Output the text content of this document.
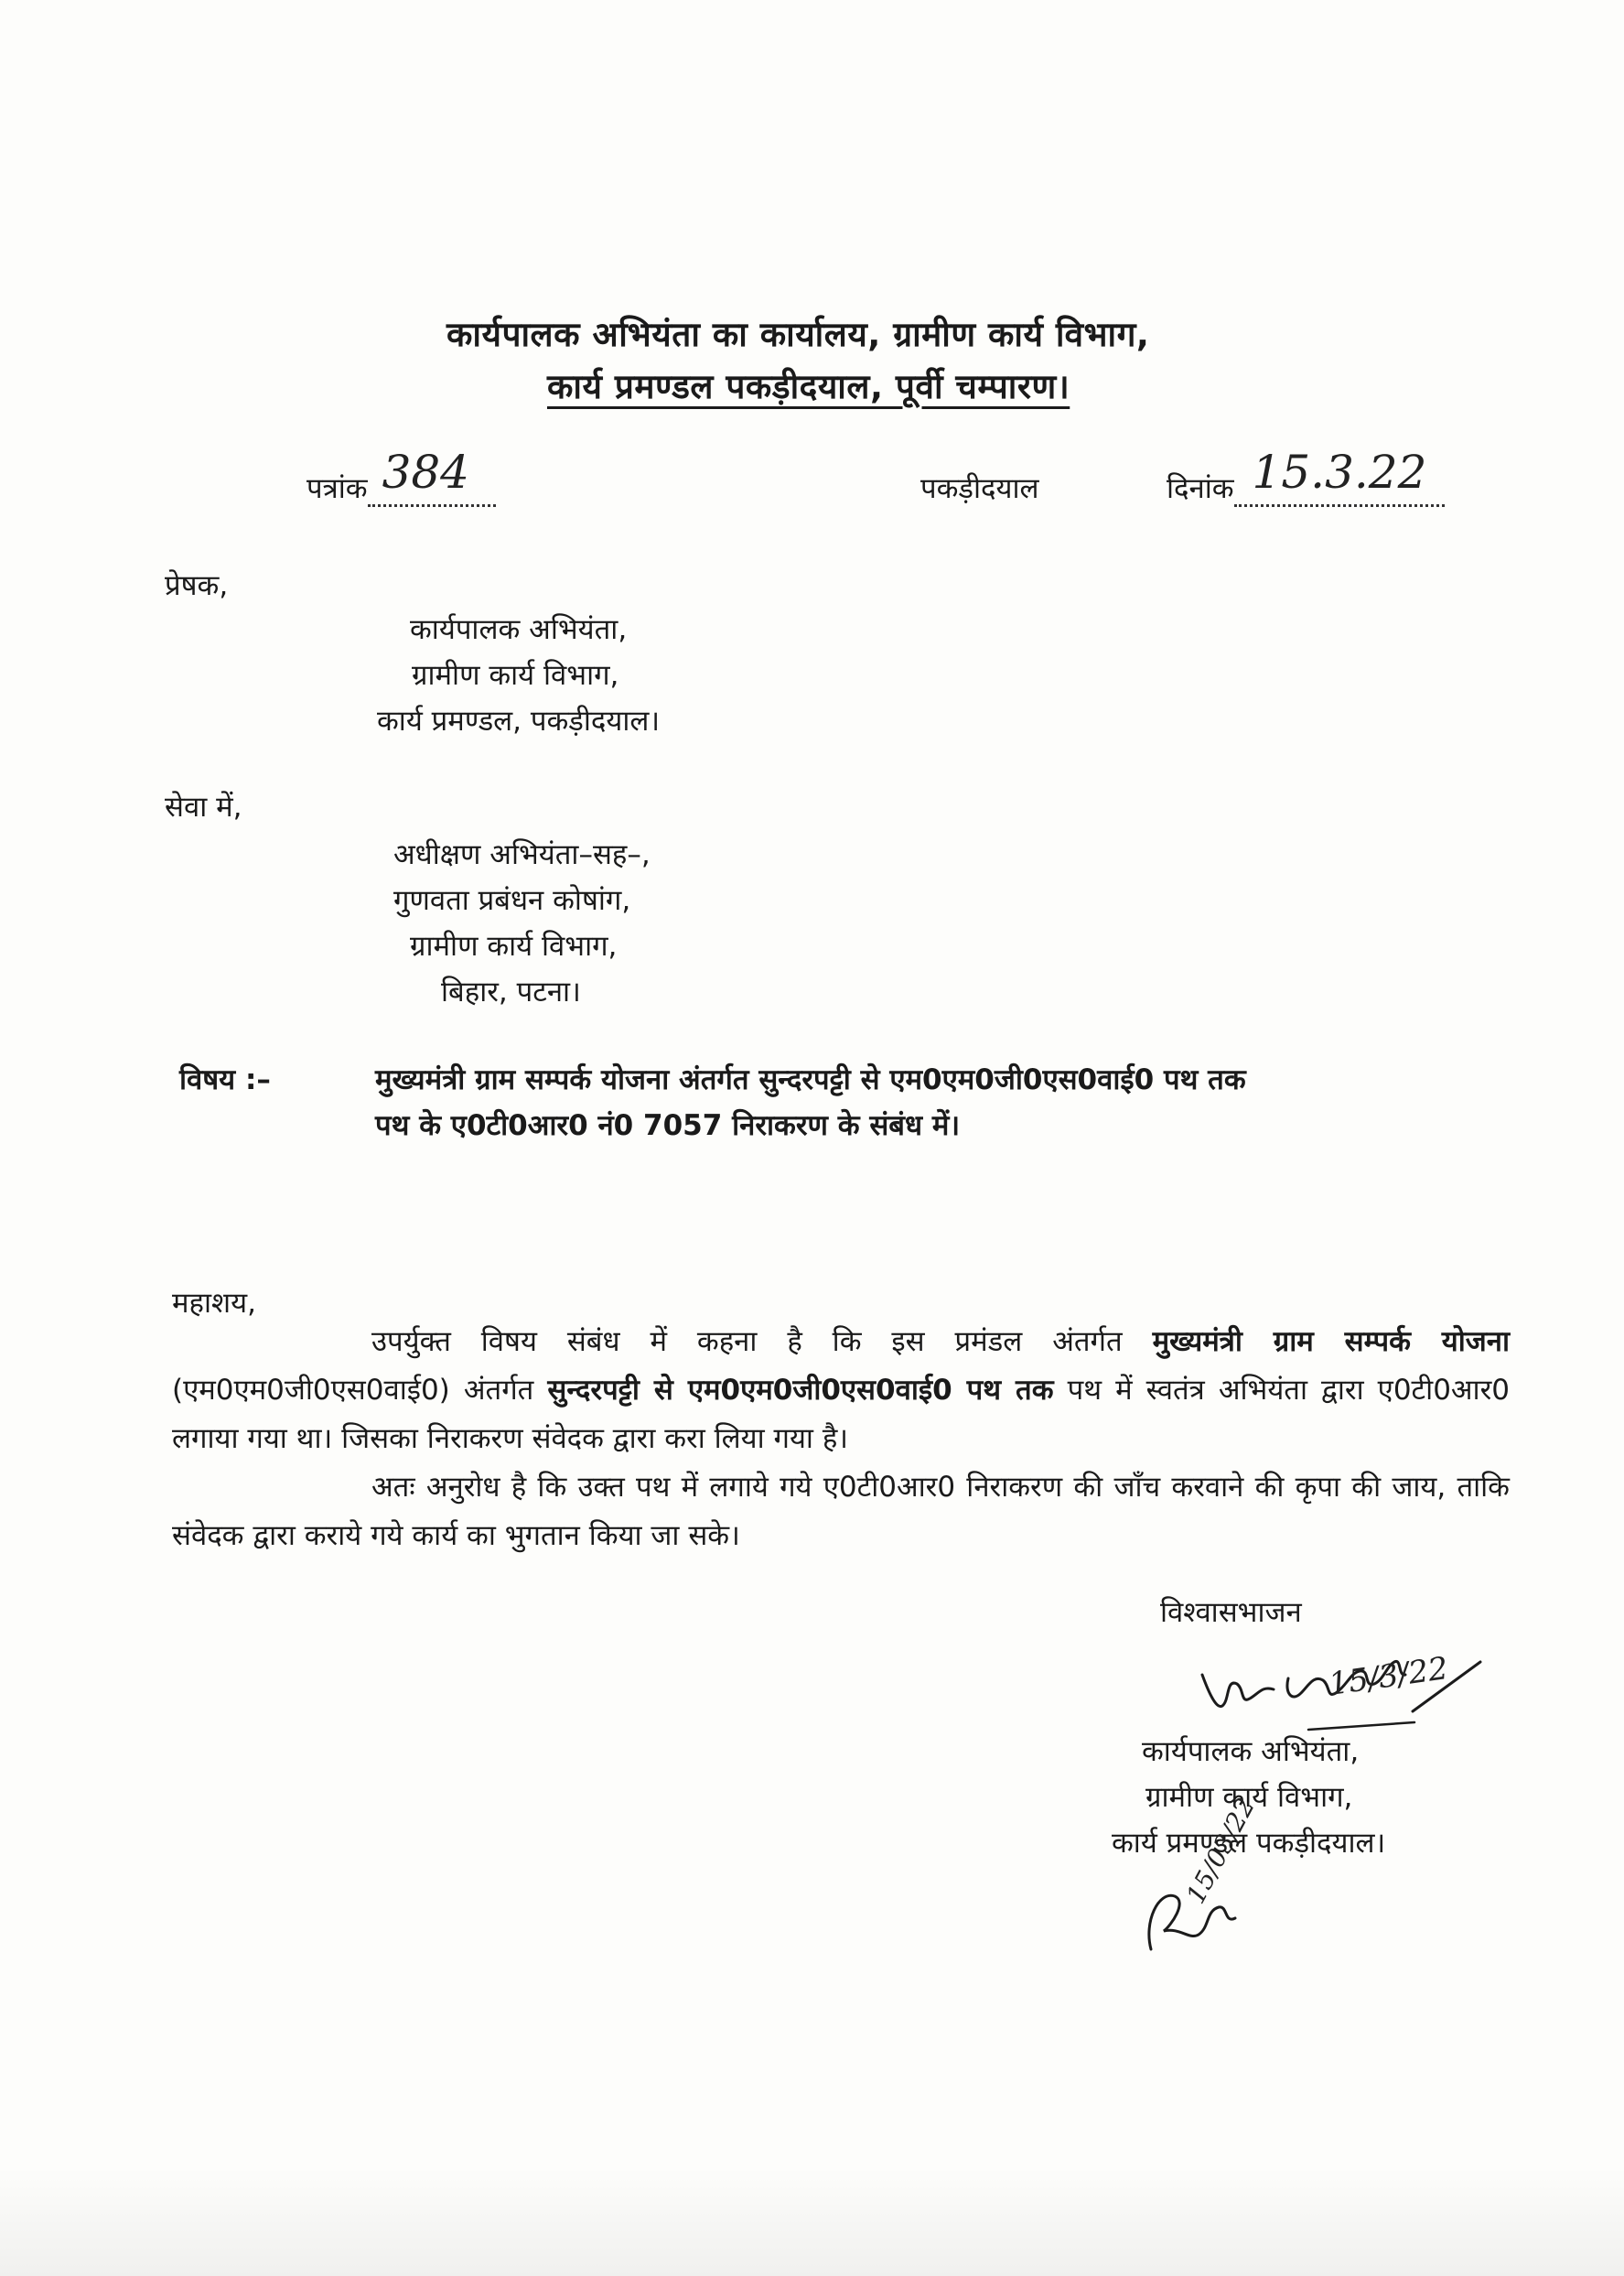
कार्यपालक अभियंता का कार्यालय, ग्रामीण कार्य विभाग,
कार्य प्रमण्डल पकड़ीदयाल, पूर्वी चम्पारण।
पत्रांक 384	पकड़ीदयाल	दिनांक 15.3.22
प्रेषक,
कार्यपालक अभियंता,
ग्रामीण कार्य विभाग,
कार्य प्रमण्डल, पकड़ीदयाल।
सेवा में,
अधीक्षण अभियंता–सह–,
गुणवता प्रबंधन कोषांग,
ग्रामीण कार्य विभाग,
बिहार, पटना।
विषय :–	मुख्यमंत्री ग्राम सम्पर्क योजना अंतर्गत सुन्दरपट्टी से एम0एम0जी0एस0वाई0 पथ तक
पथ के ए0टी0आर0 नं0 7057 निराकरण के संबंध में।
महाशय,
उपर्युक्त विषय संबंध में कहना है कि इस प्रमंडल अंतर्गत मुख्यमंत्री ग्राम सम्पर्क योजना (एम0एम0जी0एस0वाई0) अंतर्गत सुन्दरपट्टी से एम0एम0जी0एस0वाई0 पथ तक पथ में स्वतंत्र अभियंता द्वारा ए0टी0आर0 लगाया गया था। जिसका निराकरण संवेदक द्वारा करा लिया गया है।
अतः अनुरोध है कि उक्त पथ में लगाये गये ए0टी0आर0 निराकरण की जाँच करवाने की कृपा की जाय, ताकि संवेदक द्वारा कराये गये कार्य का भुगतान किया जा सके।
विश्वासभाजन
15/3/22
कार्यपालक अभियंता,
ग्रामीण कार्य विभाग,
कार्य प्रमण्डल पकड़ीदयाल।
15/03/22
